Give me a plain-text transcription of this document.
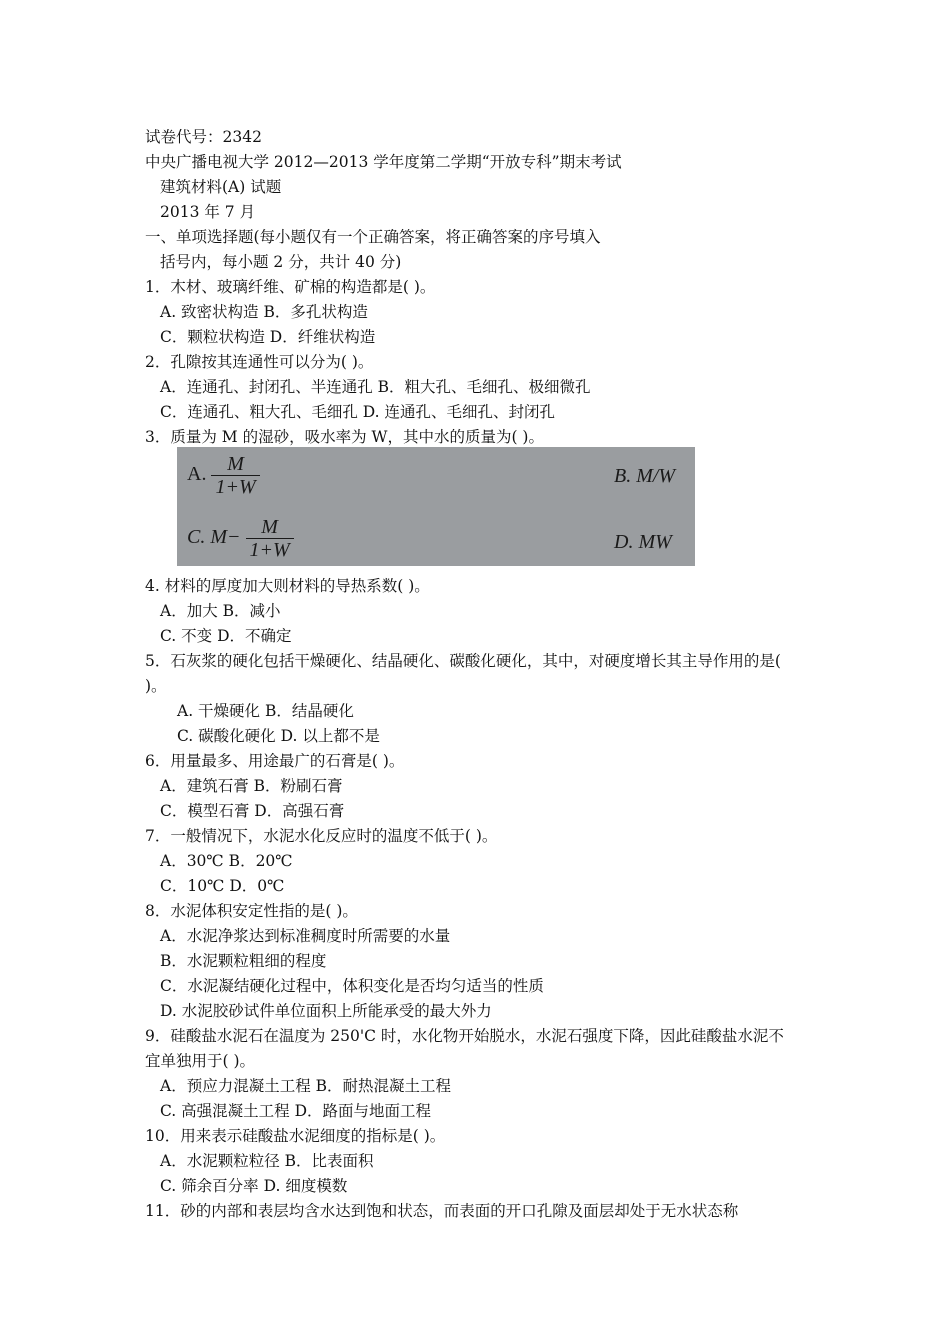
试卷代号：2342
中央广播电视大学 2012—2013 学年度第二学期“开放专科”期末考试
建筑材料(A) 试题
2013 年 7 月
一、单项选择题(每小题仅有一个正确答案，将正确答案的序号填入
括号内，每小题 2 分，共计 40 分)
1．木材、玻璃纤维、矿棉的构造都是( )。
A. 致密状构造 B．多孔状构造
C．颗粒状构造 D．纤维状构造
2．孔隙按其连通性可以分为( )。
A．连通孔、封闭孔、半连通孔 B．粗大孔、毛细孔、极细微孔
C．连通孔、粗大孔、毛细孔 D. 连通孔、毛细孔、封闭孔
3．质量为 M 的湿砂，吸水率为 W，其中水的质量为( )。
A. $\frac{M}{1+W}$	B. M/W
C. $M- \frac{M}{1+W}$	D. MW
4. 材料的厚度加大则材料的导热系数( )。
A．加大 B．减小
C. 不变 D．不确定
5．石灰浆的硬化包括干燥硬化、结晶硬化、碳酸化硬化，其中，对硬度增长其主导作用的是(
)。
A. 干燥硬化 B．结晶硬化
C. 碳酸化硬化 D. 以上都不是
6．用量最多、用途最广的石膏是( )。
A．建筑石膏 B．粉刷石膏
C．模型石膏 D．高强石膏
7．一般情况下，水泥水化反应时的温度不低于( )。
A．30℃ B．20℃
C．10℃ D．0℃
8．水泥体积安定性指的是( )。
A．水泥净浆达到标准稠度时所需要的水量
B．水泥颗粒粗细的程度
C．水泥凝结硬化过程中，体积变化是否均匀适当的性质
D. 水泥胶砂试件单位面积上所能承受的最大外力
9．硅酸盐水泥石在温度为 250'C 时，水化物开始脱水，水泥石强度下降，因此硅酸盐水泥不
宜单独用于( )。
A．预应力混凝土工程 B．耐热混凝土工程
C. 高强混凝土工程 D．路面与地面工程
10．用来表示硅酸盐水泥细度的指标是( )。
A．水泥颗粒粒径 B．比表面积
C. 筛余百分率 D. 细度模数
11．砂的内部和表层均含水达到饱和状态，而表面的开口孔隙及面层却处于无水状态称
